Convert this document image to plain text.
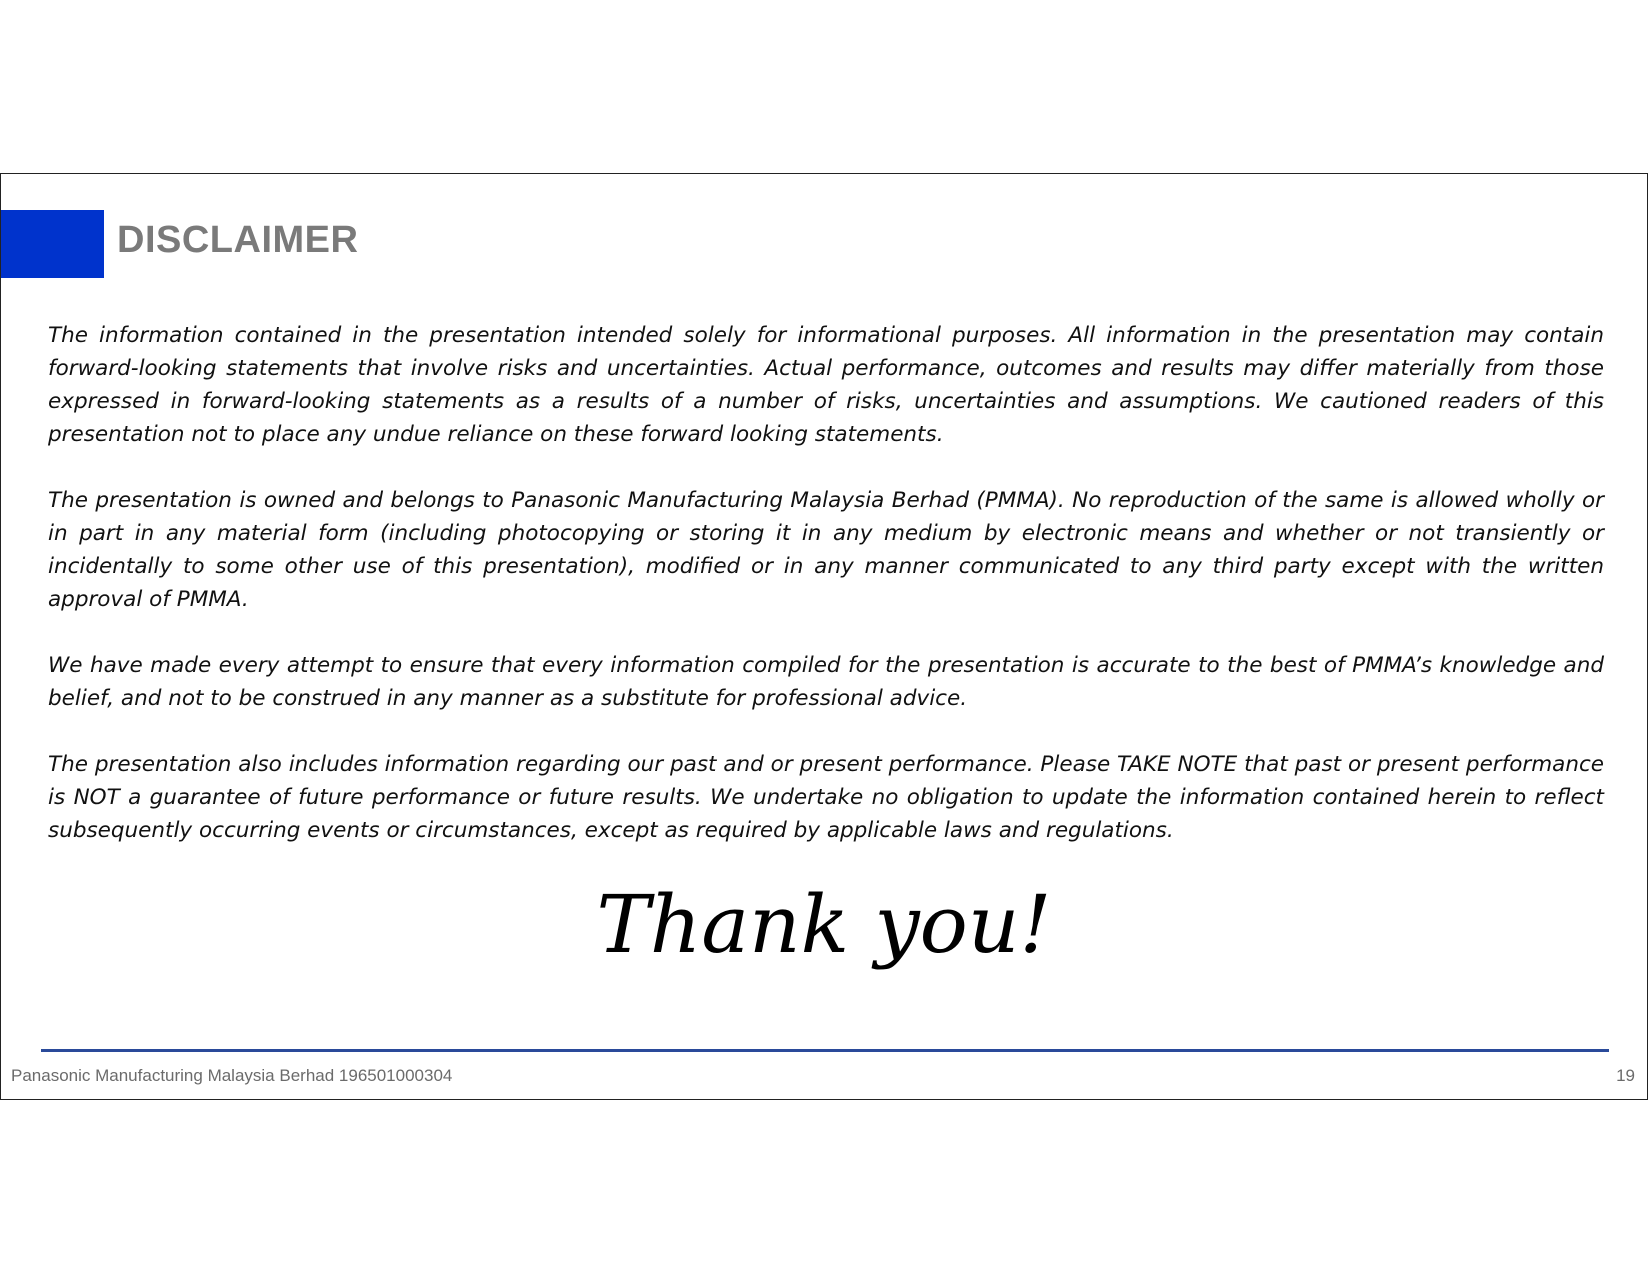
DISCLAIMER

The information contained in the presentation intended solely for informational purposes. All information in the presentation may contain forward-looking statements that involve risks and uncertainties. Actual performance, outcomes and results may differ materially from those expressed in forward-looking statements as a results of a number of risks, uncertainties and assumptions. We cautioned readers of this presentation not to place any undue reliance on these forward looking statements.

The presentation is owned and belongs to Panasonic Manufacturing Malaysia Berhad (PMMA). No reproduction of the same is allowed wholly or in part in any material form (including photocopying or storing it in any medium by electronic means and whether or not transiently or incidentally to some other use of this presentation), modified or in any manner communicated to any third party except with the written approval of PMMA.

We have made every attempt to ensure that every information compiled for the presentation is accurate to the best of PMMA’s knowledge and belief, and not to be construed in any manner as a substitute for professional advice.

The presentation also includes information regarding our past and or present performance. Please TAKE NOTE that past or present performance is NOT a guarantee of future performance or future results. We undertake no obligation to update the information contained herein to reflect subsequently occurring events or circumstances, except as required by applicable laws and regulations.

Thank you!
Panasonic Manufacturing Malaysia Berhad 196501000304	19
